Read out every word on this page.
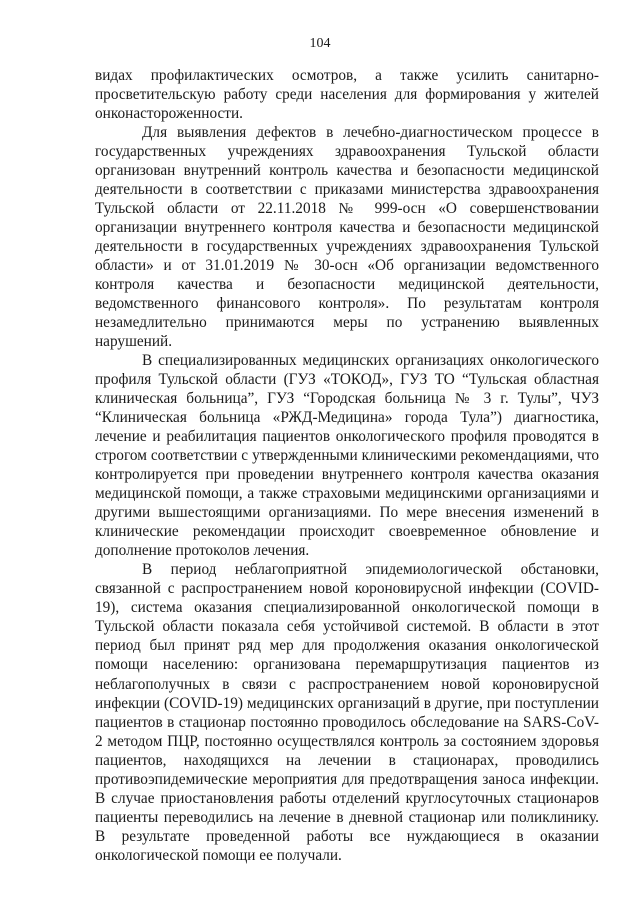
104

видах профилактических осмотров, а также усилить санитарно-просветительскую работу среди населения для формирования у жителей онконастороженности.

Для выявления дефектов в лечебно-диагностическом процессе в государственных учреждениях здравоохранения Тульской области организован внутренний контроль качества и безопасности медицинской деятельности в соответствии с приказами министерства здравоохранения Тульской области от 22.11.2018 № 999-осн «О совершенствовании организации внутреннего контроля качества и безопасности медицинской деятельности в государственных учреждениях здравоохранения Тульской области» и от 31.01.2019 № 30-осн «Об организации ведомственного контроля качества и безопасности медицинской деятельности, ведомственного финансового контроля». По результатам контроля незамедлительно принимаются меры по устранению выявленных нарушений.

В специализированных медицинских организациях онкологического профиля Тульской области (ГУЗ «ТОКОД», ГУЗ ТО “Тульская областная клиническая больница”, ГУЗ “Городская больница № 3 г. Тулы”, ЧУЗ “Клиническая больница «РЖД-Медицина» города Тула”) диагностика, лечение и реабилитация пациентов онкологического профиля проводятся в строгом соответствии с утвержденными клиническими рекомендациями, что контролируется при проведении внутреннего контроля качества оказания медицинской помощи, а также страховыми медицинскими организациями и другими вышестоящими организациями. По мере внесения изменений в клинические рекомендации происходит своевременное обновление и дополнение протоколов лечения.

В период неблагоприятной эпидемиологической обстановки, связанной с распространением новой короновирусной инфекции (COVID-19), система оказания специализированной онкологической помощи в Тульской области показала себя устойчивой системой. В области в этот период был принят ряд мер для продолжения оказания онкологической помощи населению: организована перемаршрутизация пациентов из неблагополучных в связи с распространением новой короновирусной инфекции (COVID-19) медицинских организаций в другие, при поступлении пациентов в стационар постоянно проводилось обследование на SARS-CoV-2 методом ПЦР, постоянно осуществлялся контроль за состоянием здоровья пациентов, находящихся на лечении в стационарах, проводились противоэпидемические мероприятия для предотвращения заноса инфекции. В случае приостановления работы отделений круглосуточных стационаров пациенты переводились на лечение в дневной стационар или поликлинику. В результате проведенной работы все нуждающиеся в оказании онкологической помощи ее получали.
